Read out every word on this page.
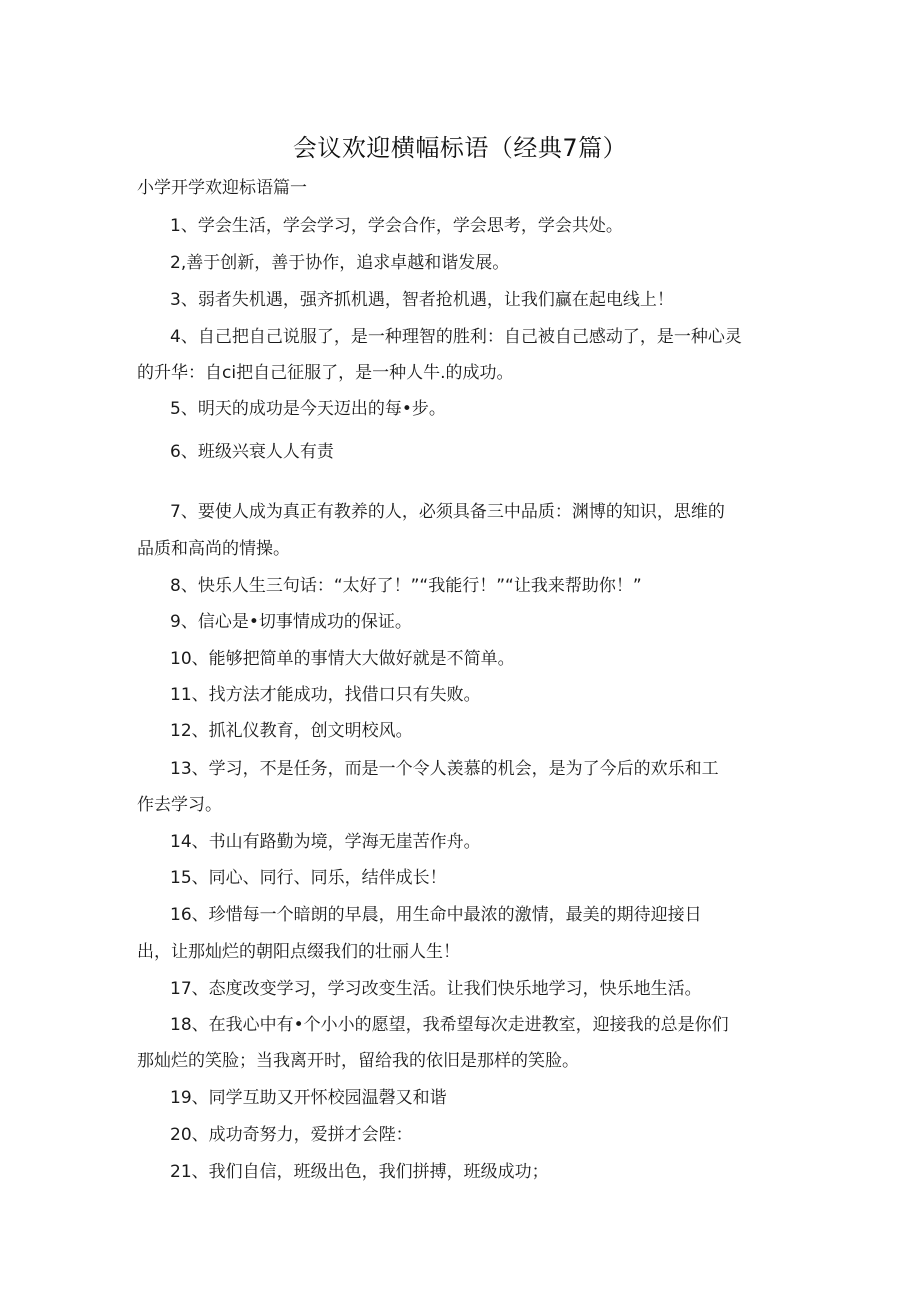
会议欢迎横幅标语（经典7篇）
小学开学欢迎标语篇一
1、学会生活，学会学习，学会合作，学会思考，学会共处。
2,善于创新，善于协作，追求卓越和谐发展。
3、弱者失机遇，强齐抓机遇，智者抢机遇，让我们赢在起电线上！
4、自己把自己说服了，是一种理智的胜利：自己被自己感动了，是一种心灵
的升华：自ci把自己征服了，是一种人牛.的成功。
5、明天的成功是今天迈出的每•步。
6、班级兴衰人人有责
7、要使人成为真正有教养的人，必须具备三中品质：渊博的知识，思维的
品质和高尚的情操。
8、快乐人生三句话：“太好了！”“我能行！”“让我来帮助你！”
9、信心是•切事情成功的保证。
10、能够把简单的事情大大做好就是不简单。
11、找方法才能成功，找借口只有失败。
12、抓礼仪教育，创文明校风。
13、学习，不是任务，而是一个令人羡慕的机会，是为了今后的欢乐和工
作去学习。
14、书山有路勤为境，学海无崖苦作舟。
15、同心、同行、同乐，结伴成长！
16、珍惜每一个暗朗的早晨，用生命中最浓的激情，最美的期待迎接日
出，让那灿烂的朝阳点缀我们的壮丽人生！
17、态度改变学习，学习改变生活。让我们快乐地学习，快乐地生活。
18、在我心中有•个小小的愿望，我希望每次走进教室，迎接我的总是你们
那灿烂的笑脸；当我离开时，留给我的依旧是那样的笑脸。
19、同学互助又开怀校园温磬又和谐
20、成功奇努力，爱拼才会陛：
21、我们自信，班级出色，我们拼搏，班级成功；
